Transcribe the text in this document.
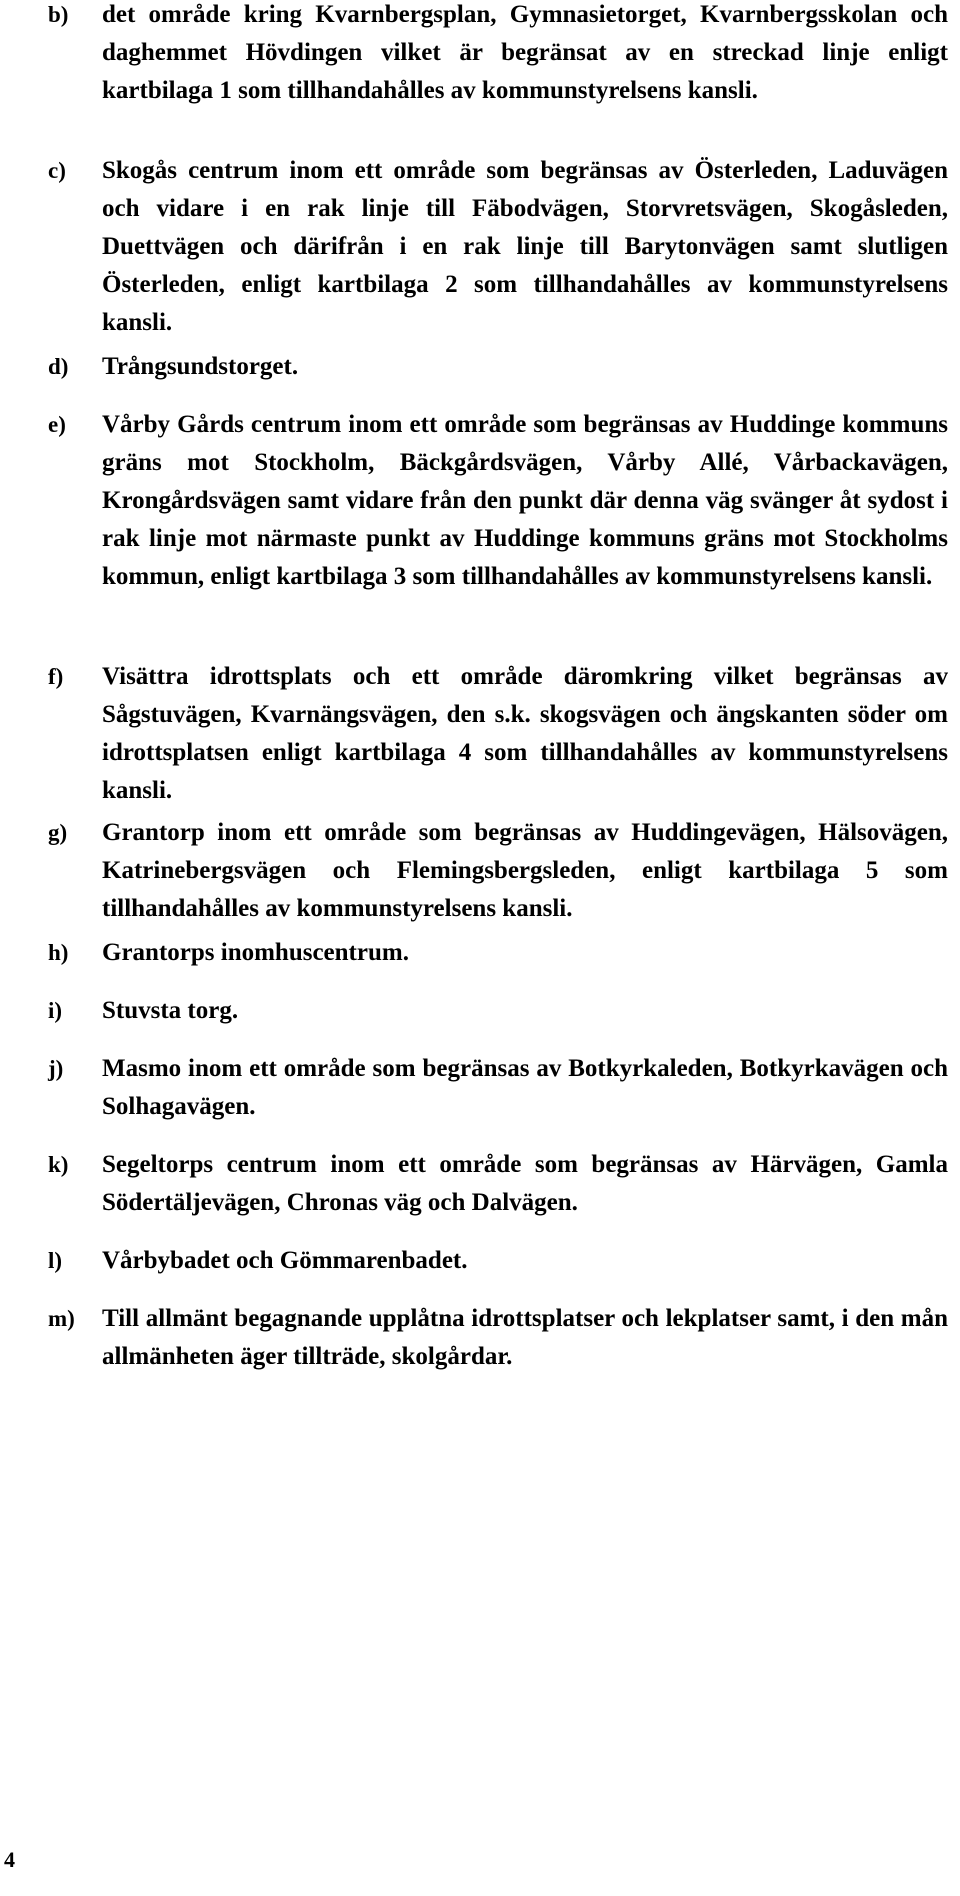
b) det område kring Kvarnbergsplan, Gymnasietorget, Kvarnbergsskolan och daghemmet Hövdingen vilket är begränsat av en streckad linje enligt kartbilaga 1 som tillhandahålles av kommunstyrelsens kansli.

c) Skogås centrum inom ett område som begränsas av Österleden, Laduvägen och vidare i en rak linje till Fäbodvägen, Storvretsvägen, Skogåsleden, Duettvägen och därifrån i en rak linje till Barytonvägen samt slutligen Österleden, enligt kartbilaga 2 som tillhandahålles av kommunstyrelsens kansli.

d) Trångsundstorget.

e) Vårby Gårds centrum inom ett område som begränsas av Huddinge kommuns gräns mot Stockholm, Bäckgårdsvägen, Vårby Allé, Vårbackavägen, Krongårdsvägen samt vidare från den punkt där denna väg svänger åt sydost i rak linje mot närmaste punkt av Huddinge kommuns gräns mot Stockholms kommun, enligt kartbilaga 3 som tillhandahålles av kommunstyrelsens kansli.

f) Visättra idrottsplats och ett område däromkring vilket begränsas av Sågstuvägen, Kvarnängsvägen, den s.k. skogsvägen och ängskanten söder om idrottsplatsen enligt kartbilaga 4 som tillhandahålles av kommunstyrelsens kansli.

g) Grantorp inom ett område som begränsas av Huddingevägen, Hälsovägen, Katrinebergsvägen och Flemingsbergsleden, enligt kartbilaga 5 som tillhandahålles av kommunstyrelsens kansli.

h) Grantorps inomhuscentrum.

i) Stuvsta torg.

j) Masmo inom ett område som begränsas av Botkyrkaleden, Botkyrkavägen och Solhagavägen.

k) Segeltorps centrum inom ett område som begränsas av Härvägen, Gamla Södertäljevägen, Chronas väg och Dalvägen.

l) Vårbybadet och Gömmarenbadet.

m) Till allmänt begagnande upplåtna idrottsplatser och lekplatser samt, i den mån allmänheten äger tillträde, skolgårdar.

4
